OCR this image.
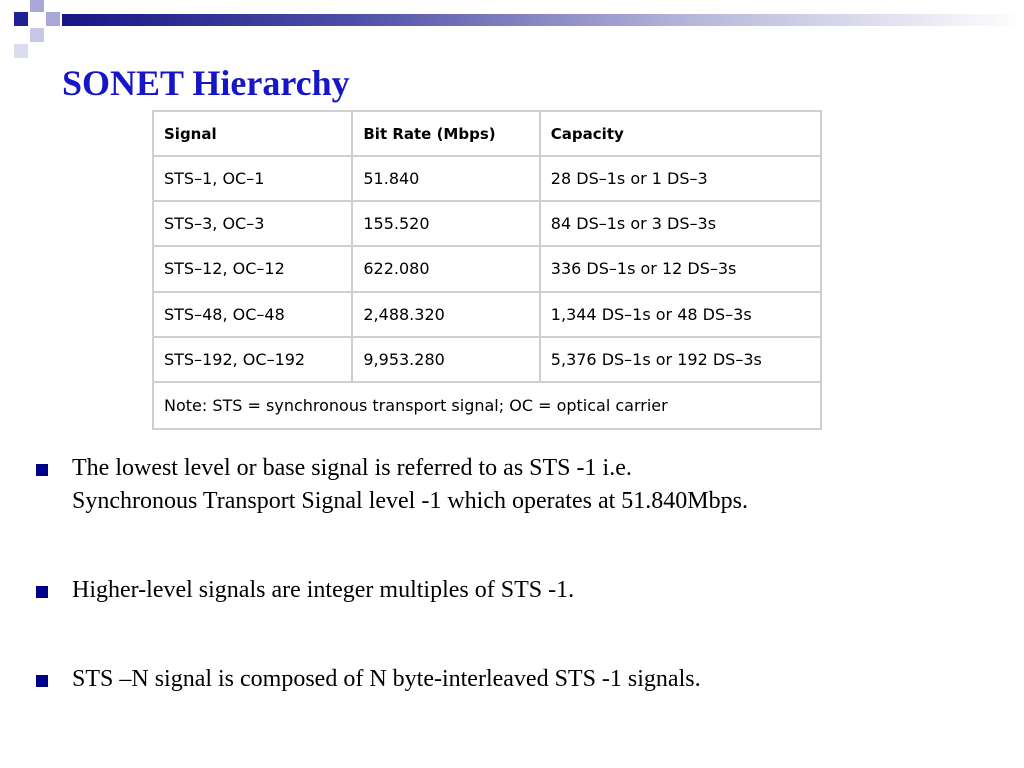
SONET Hierarchy
Signal	Bit Rate (Mbps)	Capacity
STS–1, OC–1	51.840	28 DS–1s or 1 DS–3
STS–3, OC–3	155.520	84 DS–1s or 3 DS–3s
STS–12, OC–12	622.080	336 DS–1s or 12 DS–3s
STS–48, OC–48	2,488.320	1,344 DS–1s or 48 DS–3s
STS–192, OC–192	9,953.280	5,376 DS–1s or 192 DS–3s
Note: STS = synchronous transport signal; OC = optical carrier		
The lowest level or base signal is referred to as STS -1 i.e.
Synchronous Transport Signal level -1 which operates at 51.840Mbps.
Higher-level signals are integer multiples of STS -1.
STS –N signal is composed of N byte-interleaved STS -1 signals.
